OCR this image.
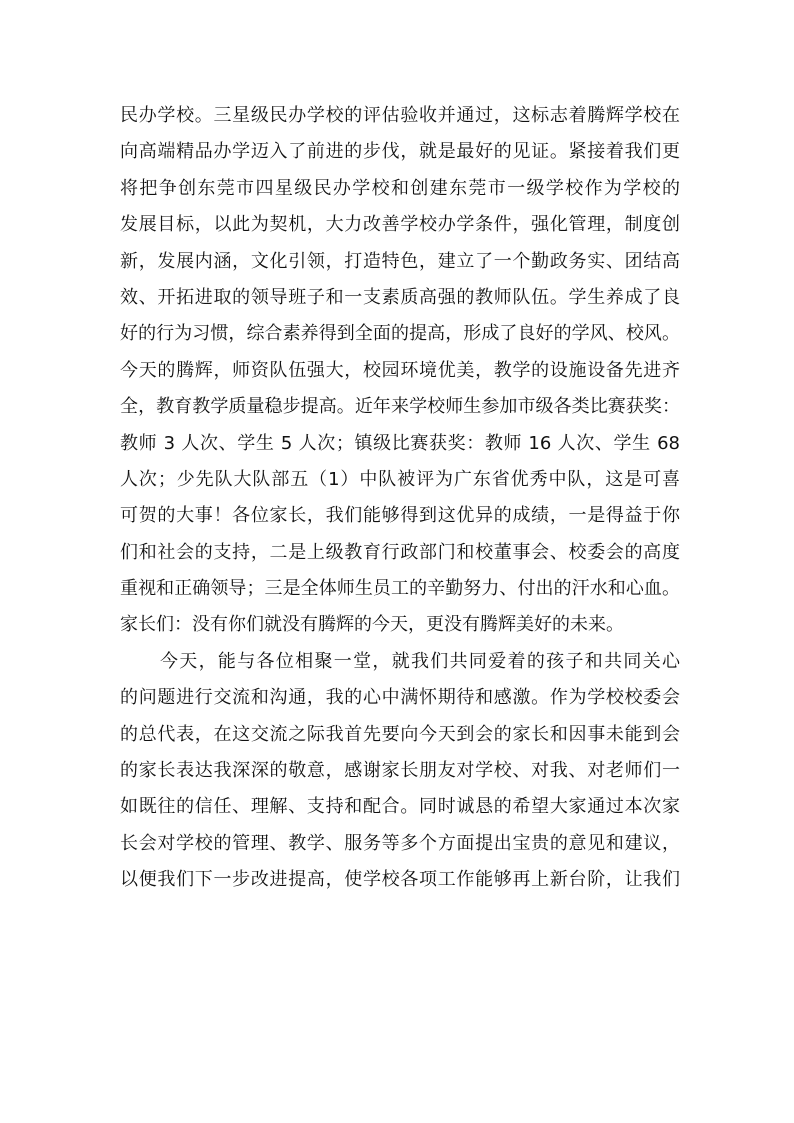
民办学校。三星级民办学校的评估验收并通过，这标志着腾辉学校在
向高端精品办学迈入了前进的步伐，就是最好的见证。紧接着我们更
将把争创东莞市四星级民办学校和创建东莞市一级学校作为学校的
发展目标，以此为契机，大力改善学校办学条件，强化管理，制度创
新，发展内涵，文化引领，打造特色，建立了一个勤政务实、团结高
效、开拓进取的领导班子和一支素质高强的教师队伍。学生养成了良
好的行为习惯，综合素养得到全面的提高，形成了良好的学风、校风。
今天的腾辉，师资队伍强大，校园环境优美，教学的设施设备先进齐
全，教育教学质量稳步提高。近年来学校师生参加市级各类比赛获奖：
教师 3 人次、学生 5 人次；镇级比赛获奖：教师 16 人次、学生 68
人次；少先队大队部五（1）中队被评为广东省优秀中队，这是可喜
可贺的大事！各位家长，我们能够得到这优异的成绩，一是得益于你
们和社会的支持，二是上级教育行政部门和校董事会、校委会的高度
重视和正确领导；三是全体师生员工的辛勤努力、付出的汗水和心血。
家长们：没有你们就没有腾辉的今天，更没有腾辉美好的未来。
今天，能与各位相聚一堂，就我们共同爱着的孩子和共同关心
的问题进行交流和沟通，我的心中满怀期待和感激。作为学校校委会
的总代表，在这交流之际我首先要向今天到会的家长和因事未能到会
的家长表达我深深的敬意，感谢家长朋友对学校、对我、对老师们一
如既往的信任、理解、支持和配合。同时诚恳的希望大家通过本次家
长会对学校的管理、教学、服务等多个方面提出宝贵的意见和建议，
以便我们下一步改进提高，使学校各项工作能够再上新台阶，让我们
